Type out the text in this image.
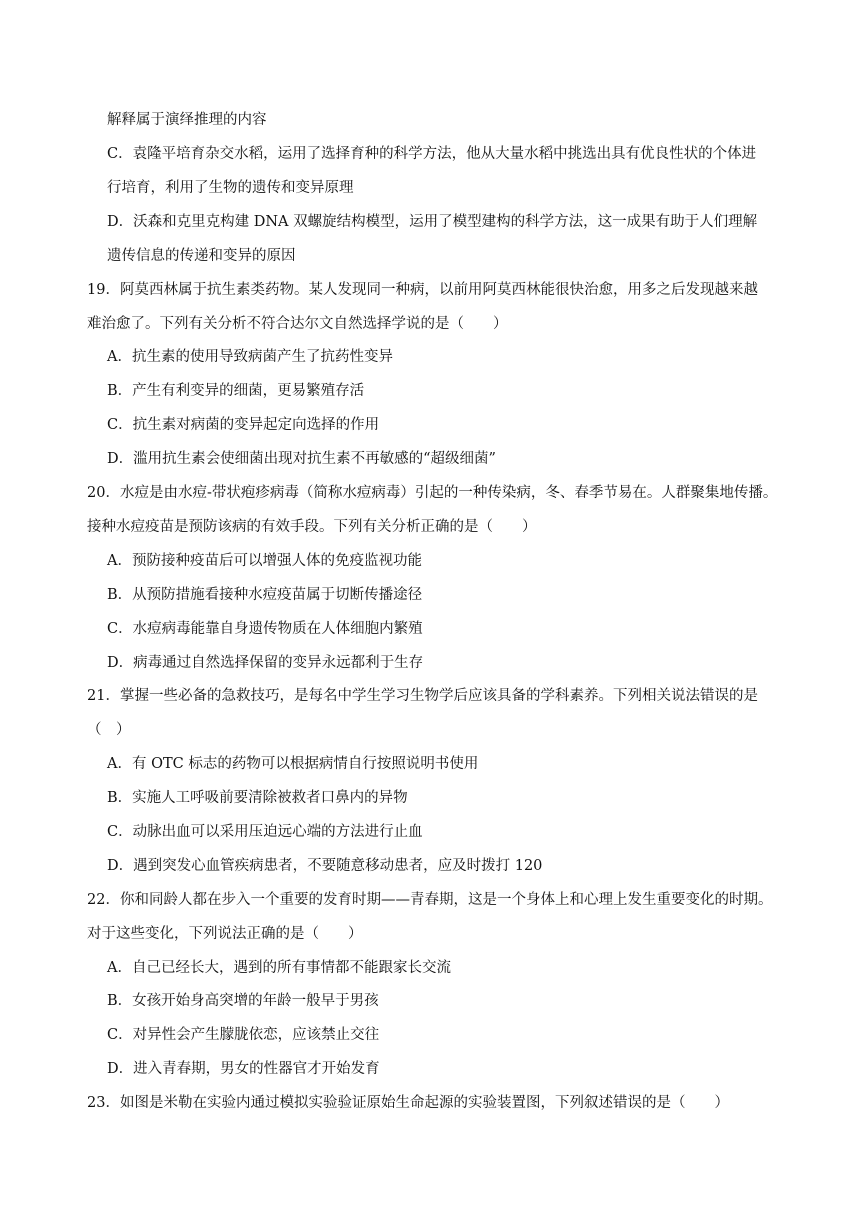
解释属于演绎推理的内容
C．袁隆平培育杂交水稻，运用了选择育种的科学方法，他从大量水稻中挑选出具有优良性状的个体进
行培育，利用了生物的遗传和变异原理
D．沃森和克里克构建 DNA 双螺旋结构模型，运用了模型建构的科学方法，这一成果有助于人们理解
遗传信息的传递和变异的原因
19．阿莫西林属于抗生素类药物。某人发现同一种病，以前用阿莫西林能很快治愈，用多之后发现越来越
难治愈了。下列有关分析不符合达尔文自然选择学说的是（　　）
A．抗生素的使用导致病菌产生了抗药性变异
B．产生有利变异的细菌，更易繁殖存活
C．抗生素对病菌的变异起定向选择的作用
D．滥用抗生素会使细菌出现对抗生素不再敏感的“超级细菌”
20．水痘是由水痘-带状疱疹病毒（简称水痘病毒）引起的一种传染病，冬、春季节易在。人群聚集地传播。
接种水痘疫苗是预防该病的有效手段。下列有关分析正确的是（　　）
A．预防接种疫苗后可以增强人体的免疫监视功能
B．从预防措施看接种水痘疫苗属于切断传播途径
C．水痘病毒能靠自身遗传物质在人体细胞内繁殖
D．病毒通过自然选择保留的变异永远都利于生存
21．掌握一些必备的急救技巧，是每名中学生学习生物学后应该具备的学科素养。下列相关说法错误的是
（　）
A．有 OTC 标志的药物可以根据病情自行按照说明书使用
B．实施人工呼吸前要清除被救者口鼻内的异物
C．动脉出血可以采用压迫远心端的方法进行止血
D．遇到突发心血管疾病患者，不要随意移动患者，应及时拨打 120
22．你和同龄人都在步入一个重要的发育时期——青春期，这是一个身体上和心理上发生重要变化的时期。
对于这些变化，下列说法正确的是（　　）
A．自己已经长大，遇到的所有事情都不能跟家长交流
B．女孩开始身高突增的年龄一般早于男孩
C．对异性会产生朦胧依恋，应该禁止交往
D．进入青春期，男女的性器官才开始发育
23．如图是米勒在实验内通过模拟实验验证原始生命起源的实验装置图，下列叙述错误的是（　　）
